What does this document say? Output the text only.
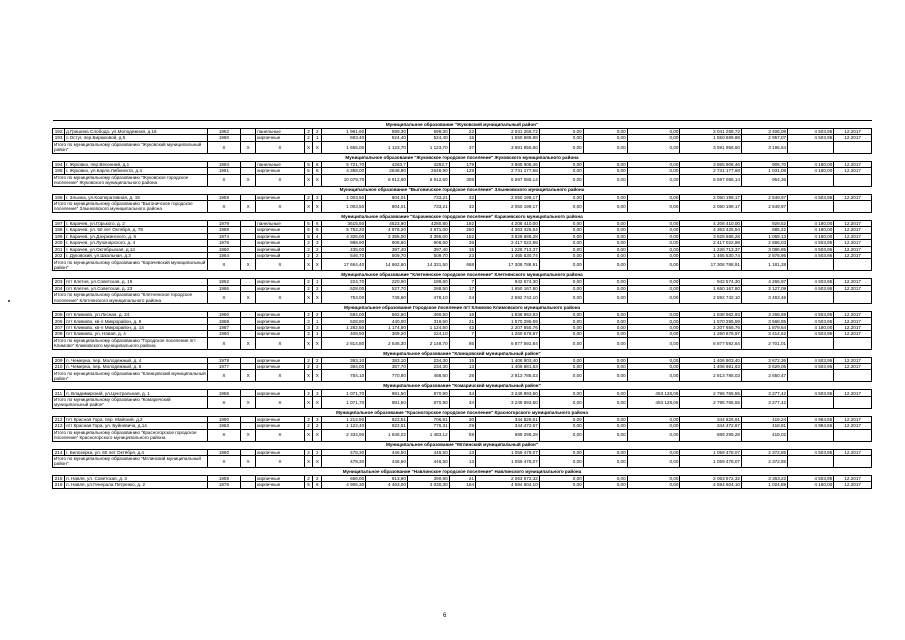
Муниципальное образование "Жуковский муниципальный район"																		
192	д.Гришина Слобода, ул.Молодежная, д.16	1982		панельные	2	2	1 981,60	599,30	599,30	22	2 041 268,72	0,00	0,00	0,00	2 041 268,72	3 406,08	4 503,95	12.2017
193	с.Остуг, пер.Бирюковой, д.5	1980		кирпичные	2	1	683,40	524,40	524,40	15	1 550 689,88	0,00	0,00	0,00	1 550 689,88	2 957,07	4 503,95	12.2017
Итого по муниципальному образованию "Жуковский муниципальный район"		X	X	X	X	X	1 665,00	1 123,70	1 123,70	37	3 591 956,60	0,00	0,00	0,00	3 591 956,60	3 196,54		
Муниципальное образование "Жуковское городское поселение" Жуковского муниципального района																		
194	г. Жуковка, пер.Весенний, д.1	1994		панельные	5	6	5 721,70	4263,7	4263,7	179	3 865 908,46	0,00	0,00	0,00	3 865 908,46	906,70	4 180,00	12.2017
195	г. Жуковка, ул.Карла Либкнехта, д.4	1981		кирпичные	5	6	4 358,00	2648,90	2648,90	129	2 731 177,68	0,00	0,00	0,00	2 731 177,68	1 031,08	4 180,00	12.2017
Итого по муниципальному образованию "Жуковское городское поселение" Жуковского муниципального района		X	X	X	X	X	10 079,70	6 912,60	6 912,60	308	6 597 086,14	0,00	0,00	0,00	6 597 086,14	954,36		
Муниципальное образование "Выгоничское городское поселение" Злынковского муниципального района																		
196	г. Злынка, ул.Кооперативная, д. 19	1959		кирпичные	2	2	1 003,50	804,01	733,21	32	2 050 199,17	0,00	0,00	0,00	2 050 199,17	2 549,97	4 503,95	12.2017
Итого по муниципальному образованию "Выгоничское городское поселение" Злынковского муниципального района		X	X	X	X	X	1 003,50	804,01	733,21	32	2 050 199,17	0,00	0,00	0,00	2 050 199,17	2 549,97		
Муниципальное образование "Карачевское городское поселение" Карачевского муниципального района																		
197	г. Карачев, ул.Горького, д. 2	1979		панельные	5	6	3615,50	4523,90	4280,80	192	4 208 410,00	0,00	0,00	0,00	4 208 410,00	929,52	4 180,00	12.2017
198	г. Карачев, ул. 50 лет Октября, д. 78	1988		кирпичные	5	6	5 752,20	4 976,20	4 871,00	250	4 363 425,54	0,00	0,00	0,00	4 363 425,54	885,22	4 180,00	12.2017
199	г. Карачев, ул.Дзержинского, д. 8	1974		кирпичные	5	4	4 325,00	3 395,00	3 395,00	152	3 629 686,28	0,00	0,00	0,00	3 629 686,28	1 069,13	4 180,00	12.2017
200	г. Карачев, ул.Луначарского, д. 4	1976		кирпичные	2	3	988,90	906,60	906,60	36	2 417 022,98	0,00	0,00	0,00	2 417 022,98	2 666,03	4 503,95	12.2017
201	г. Карачев, ул.Октябрьская, д.14	1960		кирпичный	2	2	435,00	397,40	397,40	15	1 226 713,37	0,00	0,00	0,00	1 226 713,37	3 086,85	4 503,95	12.2017
202	г. Дуковский, ул.Школьная, д.3	1964		кирпичный	2	2	546,70	509,70	509,70	23	1 465 530,74	0,00	0,00	0,00	1 465 530,74	2 876,95	4 503,95	12.2017
Итого по муниципальному образованию "Карачевский муниципальный район"		X	X	X	X	X	17 664,40	14 662,60	14 331,50	668	17 308 788,91	0,00	0,00	0,00	17 308 788,91	1 181,28		
Муниципальное образование "Клетнянское городское поселение" Клетнянского муниципального района																		
203	пгт Клетня, ул.Советская, д. 19	1962		кирпичные	2	1	224,70	220,90	189,60	7	942 574,30	0,00	0,00	0,00	942 574,30	4 266,97	4 503,95	12.2017
204	пгт Клетня, ул.Советская, д. 23	1966		кирпичные	2	2	528,00	527,70	288,50	17	1 650 167,80	0,00	0,00	0,00	1 650 167,80	3 127,09	4 503,95	12.2017
Итого по муниципальному образованию "Клетнянское городское поселение" Клетнянского муниципального района		X	X	X	X	X	753,00	748,60	478,10	24	2 592 742,10	0,00	0,00	0,00	2 592 742,10	3 463,46		
Муниципальное образование Городское поселение пгт Климово Климовского муниципального района																		
205	пгт Климово, ул.Лесная, д. 24	1960		кирпичные	2	2	594,00	562,60	490,50	16	1 838 962,93	0,00	0,00	0,00	1 838 962,93	3 268,69	4 503,95	12.2017
206	пгт Климово, кв-л Микрорайон, д. 8	1969		кирпичные	2	1	528,80	440,00	319,50	21	1 570 295,59	0,00	0,00	0,00	1 570 295,59	3 568,85	4 503,95	12.2017
207	пгт Климово, кв-л Микрорайон, д. 14	1987		кирпичные	3	3	1 282,50	1 174,50	1 124,60	42	2 207 655,76	0,00	0,00	0,00	2 207 655,76	1 879,64	4 180,00	12.2017
208	пгт Климово, ул. Новая, д. 4	1960		кирпичные	2	1	408,50	369,20	224,10	7	1 260 678,97	0,00	0,00	0,00	1 260 678,97	3 414,62	4 503,95	12.2017
Итого по муниципальному образованию "Городское поселение пгт Климово" Климовского муниципального района		X	X	X	X	X	2 814,80	2 546,30	2 148,70	86	6 877 592,84	0,00	0,00	0,00	6 877 592,84	2 701,01		
Муниципальное образование "Клинцовский муниципальный район"																		
209	п. Чемерна, пер. Молодежный, д. 4	1978		кирпичные	2	2	393,10	383,10	234,30	15	1 406 903,40	0,00	0,00	0,00	1 406 903,40	3 672,36	4 503,95	12.2017
210	п. Чемерна, пер. Молодежный, д. 6	1977		кирпичные	2	2	394,00	387,70	234,30	13	1 406 881,63	0,00	0,00	0,00	1 406 881,63	3 629,05	4 503,95	12.2017
Итого по муниципальному образованию "Клинцовский муниципальный район"		X	X	X	X	X	784,10	770,80	468,60	28	2 813 785,03	0,00	0,00	0,00	2 813 785,03	3 650,47		
Муниципальное образование "Комаричский муниципальный район"																		
211	п. Владимирский, ул.Центральная, д. 1	1956		кирпичные	2	3	1 071,70	991,50	870,90	34	3 249 893,60	0,00	0,00	453 128,05	2 796 765,55	3 277,42	4 503,95	12.2017
Итого по муниципальному образованию "Комаричский муниципальный район"		X	X	X	X	X	1 071,70	991,50	870,90	34	3 249 893,60	0,00	0,00	453 128,05	2 796 765,55	3 277,42		
Муниципальное образование "Красногорское городское поселение" Красногорского муниципального района																		
212	пгт Красная Гора, пер. Майский, д.2	1990		кирпичные	2	3	1 212,50	822,51	706,81	30	344 826,61	0,00	0,00	0,00	344 826,61	419,24	4 984,55	12.2017
213	пгт Красная Гора, ул. Буйневича, д.14	1983		кирпичные	2	2	1 122,40	822,51	776,31	29	344 472,67	0,00	0,00	0,00	344 472,67	418,81	4 984,55	12.2017
Итого по муниципальному образованию "Красногорское городское поселение" Красногорского муниципального района		X	X	X	X	X	2 334,90	1 645,02	1 483,12	59	689 299,28	0,00	0,00	0,00	689 299,28	419,02		
Муниципальное образование "Мглинский муниципальный район"																		
214	г. Белозерка, ул. 60 лет Октября, д.4	1960		кирпичные	2	2	478,30	446,50	446,50	13	1 059 478,07	0,00	0,00	0,00	1 059 478,07	2 372,85	4 503,95	12.2017
Итого по муниципальному образованию "Мглинский муниципальный район"		X	X	X	X	X	478,30	446,50	446,50	13	1 059 478,07	0,00	0,00	0,00	1 059 478,07	2 372,85		
Муниципальное образование "Навлинское городское поселение" Навлинского муниципального района																		
215	п. Навля, ул. Советская, д. 3	1959		кирпичные	2	2	666,00	613,90	390,90	21	2 063 672,32	0,00	0,00	0,00	2 063 672,32	3 363,22	4 503,95	12.2017
216	п. Навля, ул.Генерала Петренко, д. 2	1976		кирпичные	5	6	4 906,30	4 463,00	4 030,30	184	4 594 604,10	0,00	0,00	0,00	4 594 604,10	1 024,89	4 180,00	12.2017
6
